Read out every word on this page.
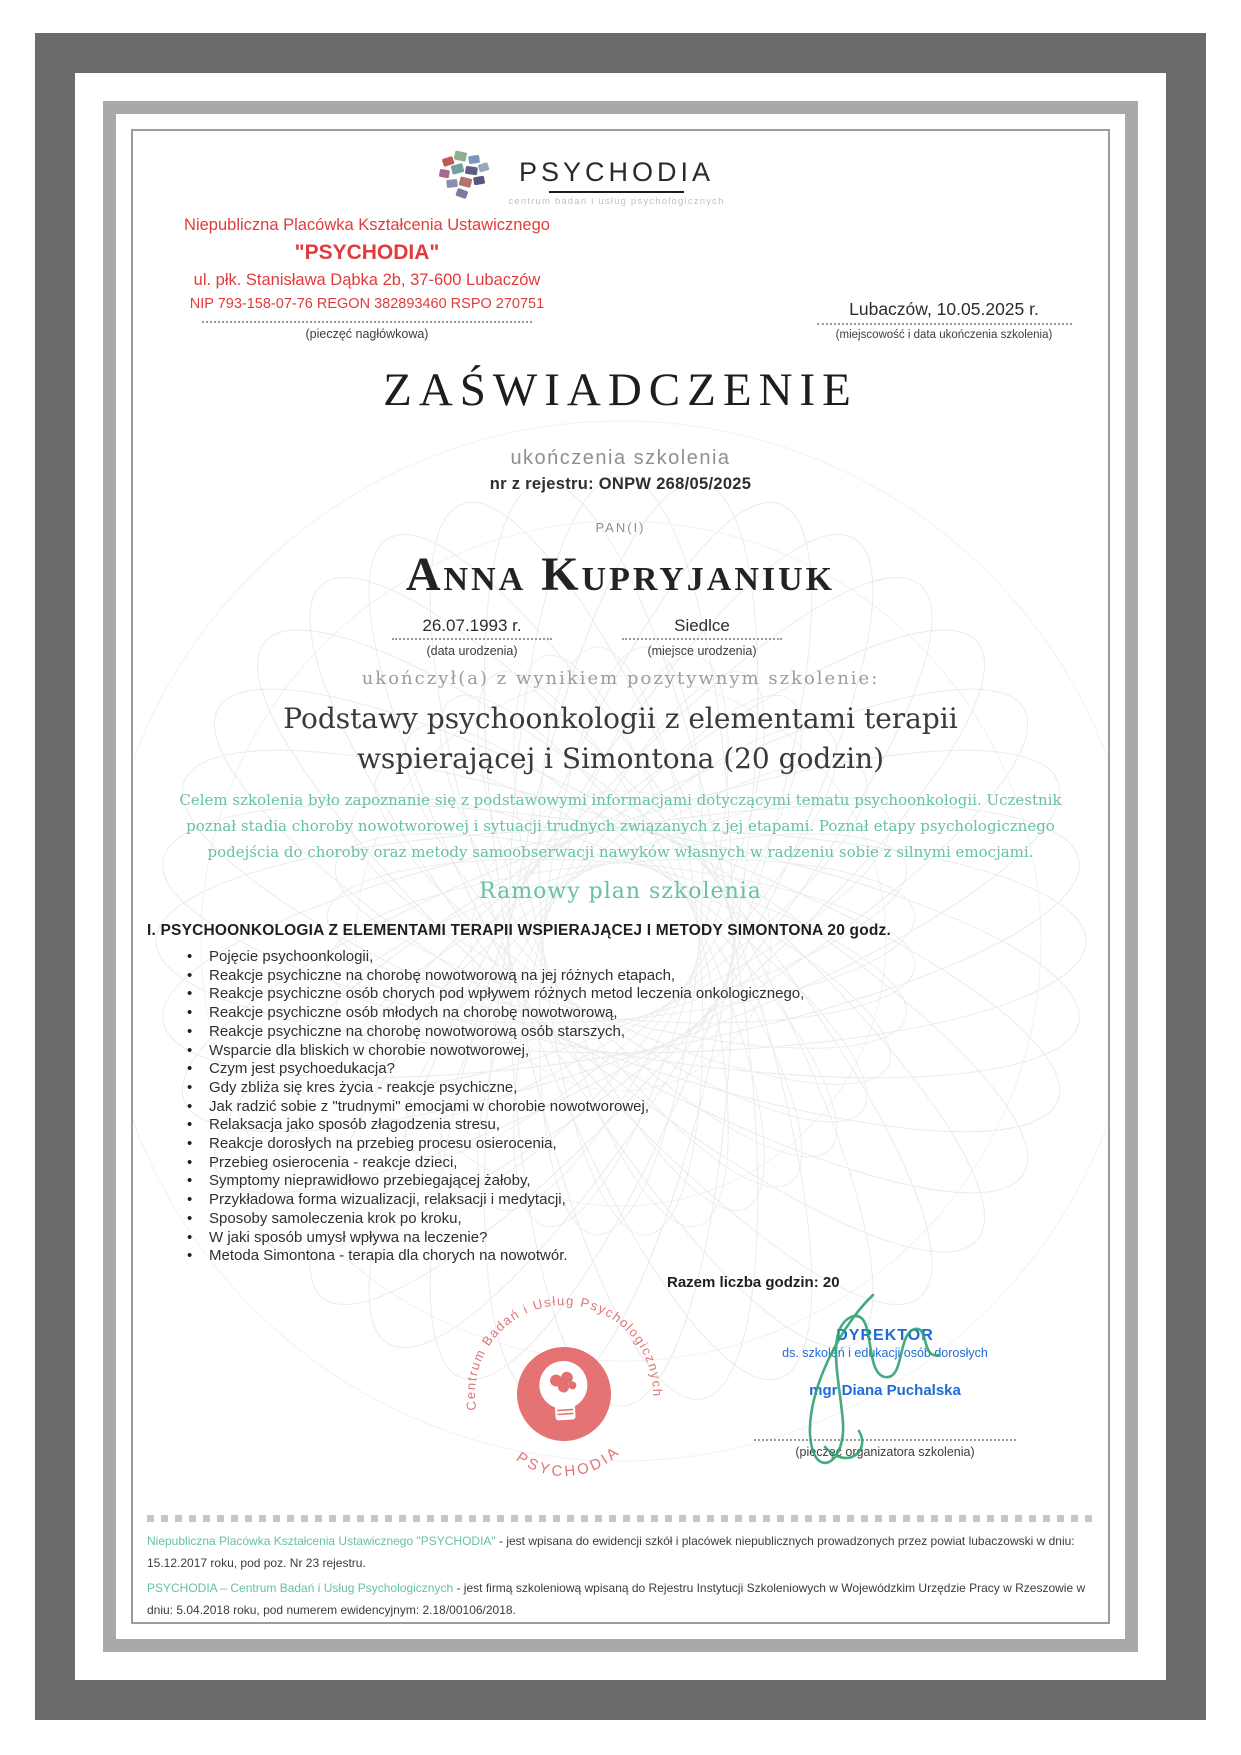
PSYCHODIA
centrum badań i usług psychologicznych
Niepubliczna Placówka Kształcenia Ustawicznego
"PSYCHODIA"
ul. płk. Stanisława Dąbka 2b, 37-600 Lubaczów
NIP 793-158-07-76 REGON 382893460 RSPO 270751
(pieczęć nagłówkowa)
Lubaczów, 10.05.2025 r.
(miejscowość i data ukończenia szkolenia)
ZAŚWIADCZENIE
ukończenia szkolenia
nr z rejestru: ONPW 268/05/2025
PAN(I)
Anna Kupryjaniuk
26.07.1993 r.
(data urodzenia)
Siedlce
(miejsce urodzenia)
ukończył(a) z wynikiem pozytywnym szkolenie:
Podstawy psychoonkologii z elementami terapii wspierającej i Simontona (20 godzin)
Celem szkolenia było zapoznanie się z podstawowymi informacjami dotyczącymi tematu psychoonkologii. Uczestnik poznał stadia choroby nowotworowej i sytuacji trudnych związanych z jej etapami. Poznał etapy psychologicznego podejścia do choroby oraz metody samoobserwacji nawyków własnych w radzeniu sobie z silnymi emocjami.
Ramowy plan szkolenia
I. PSYCHOONKOLOGIA Z ELEMENTAMI TERAPII WSPIERAJĄCEJ I METODY SIMONTONA 20 godz.
• Pojęcie psychoonkologii,
• Reakcje psychiczne na chorobę nowotworową na jej różnych etapach,
• Reakcje psychiczne osób chorych pod wpływem różnych metod leczenia onkologicznego,
• Reakcje psychiczne osób młodych na chorobę nowotworową,
• Reakcje psychiczne na chorobę nowotworową osób starszych,
• Wsparcie dla bliskich w chorobie nowotworowej,
• Czym jest psychoedukacja?
• Gdy zbliża się kres życia - reakcje psychiczne,
• Jak radzić sobie z "trudnymi" emocjami w chorobie nowotworowej,
• Relaksacja jako sposób złagodzenia stresu,
• Reakcje dorosłych na przebieg procesu osierocenia,
• Przebieg osierocenia - reakcje dzieci,
• Symptomy nieprawidłowo przebiegającej żałoby,
• Przykładowa forma wizualizacji, relaksacji i medytacji,
• Sposoby samoleczenia krok po kroku,
• W jaki sposób umysł wpływa na leczenie?
• Metoda Simontona - terapia dla chorych na nowotwór.
Razem liczba godzin: 20
Centrum Badań i Usług Psychologicznych
PSYCHODIA
DYREKTOR
ds. szkoleń i edukacji osób dorosłych
mgr Diana Puchalska
(pieczęć organizatora szkolenia)

Niepubliczna Placówka Kształcenia Ustawicznego "PSYCHODIA" - jest wpisana do ewidencji szkół i placówek niepublicznych prowadzonych przez powiat lubaczowski w dniu: 15.12.2017 roku, pod poz. Nr 23 rejestru.

PSYCHODIA – Centrum Badań i Usług Psychologicznych - jest firmą szkoleniową wpisaną do Rejestru Instytucji Szkoleniowych w Wojewódzkim Urzędzie Pracy w Rzeszowie w dniu: 5.04.2018 roku, pod numerem ewidencyjnym: 2.18/00106/2018.
